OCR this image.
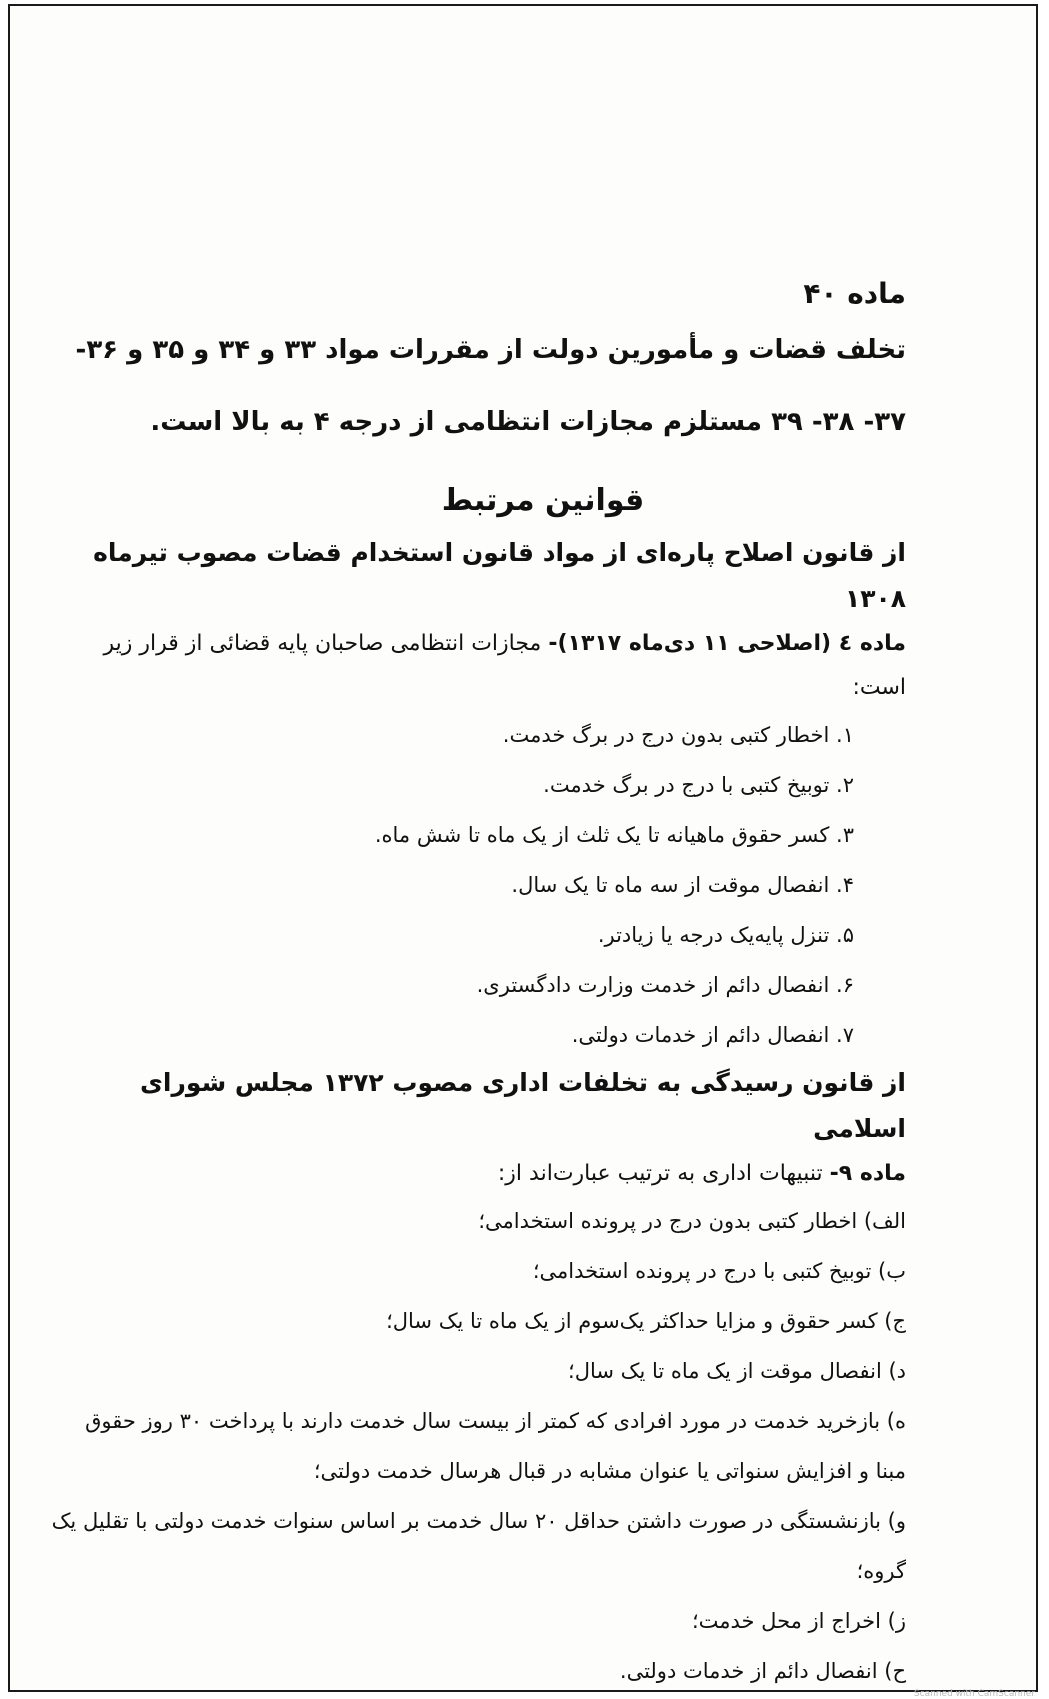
ماده ۴۰

تخلف قضات و مأمورین دولت از مقررات مواد ۳۳ و ۳۴ و ۳۵ و ۳۶- ۳۷- ۳۸- ۳۹ مستلزم مجازات انتظامی از درجه ۴ به بالا است.

قوانین مرتبط

از قانون اصلاح پاره‌ای از مواد قانون استخدام قضات مصوب تیرماه ۱۳۰۸

ماده ٤ (اصلاحی ١١ دی‌ماه ١٣١٧)- مجازات انتظامی صاحبان پایه قضائی از قرار زیر است:

۱. اخطار کتبی بدون درج در برگ خدمت.

۲. توبیخ کتبی با درج در برگ خدمت.

۳. کسر حقوق ماهیانه تا یک ثلث از یک ماه تا شش ماه.

۴. انفصال موقت از سه ماه تا یک سال.

۵. تنزل پایه‌یک درجه یا زیادتر.

۶. انفصال دائم از خدمت وزارت دادگستری.

۷. انفصال دائم از خدمات دولتی.

از قانون رسیدگی به تخلفات اداری مصوب ۱۳۷۲ مجلس شورای اسلامی

ماده ۹- تنبیهات اداری به ترتیب عبارت‌اند از:

الف) اخطار کتبی بدون درج در پرونده استخدامی؛

ب) توبیخ کتبی با درج در پرونده استخدامی؛

ج) کسر حقوق و مزایا حداکثر یک‌سوم از یک ماه تا یک سال؛

د) انفصال موقت از یک ماه تا یک سال؛

ه) بازخرید خدمت در مورد افرادی که کمتر از بیست سال خدمت دارند با پرداخت ۳۰ روز حقوق مبنا و افزایش سنواتی یا عنوان مشابه در قبال هرسال خدمت دولتی؛

و) بازنشستگی در صورت داشتن حداقل ۲۰ سال خدمت بر اساس سنوات خدمت دولتی با تقلیل یک گروه؛

ز) اخراج از محل خدمت؛

ح) انفصال دائم از خدمات دولتی.

Scanned with CamScanner
